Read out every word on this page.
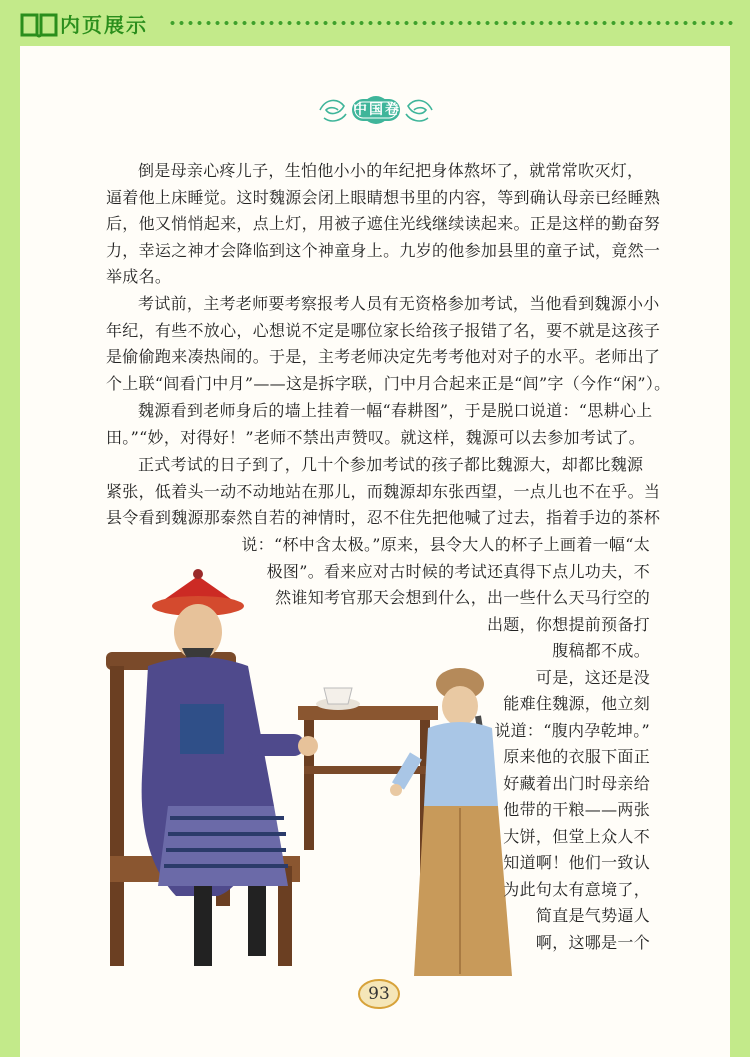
内页展示
中国卷

倒是母亲心疼儿子，生怕他小小的年纪把身体熬坏了，就常常吹灭灯，
逼着他上床睡觉。这时魏源会闭上眼睛想书里的内容，等到确认母亲已经睡熟
后，他又悄悄起来，点上灯，用被子遮住光线继续读起来。正是这样的勤奋努
力，幸运之神才会降临到这个神童身上。九岁的他参加县里的童子试，竟然一
举成名。

考试前，主考老师要考察报考人员有无资格参加考试，当他看到魏源小小
年纪，有些不放心，心想说不定是哪位家长给孩子报错了名，要不就是这孩子
是偷偷跑来凑热闹的。于是，主考老师决定先考考他对对子的水平。老师出了
个上联“闾看门中月”——这是拆字联，门中月合起来正是“闾”字（今作“闲”）。

魏源看到老师身后的墙上挂着一幅“春耕图”，于是脱口说道：“思耕心上
田。”“妙，对得好！”老师不禁出声赞叹。就这样，魏源可以去参加考试了。

正式考试的日子到了，几十个参加考试的孩子都比魏源大，却都比魏源
紧张，低着头一动不动地站在那儿，而魏源却东张西望，一点儿也不在乎。当
县令看到魏源那泰然自若的神情时，忍不住先把他喊了过去，指着手边的茶杯

说：“杯中含太极。”原来，县令大人的杯子上画着一幅“太
极图”。看来应对古时候的考试还真得下点儿功夫，不
然谁知考官那天会想到什么，出一些什么天马行空的
出题，你想提前预备打
腹稿都不成。
可是，这还是没
能难住魏源，他立刻
说道：“腹内孕乾坤。”
原来他的衣服下面正
好藏着出门时母亲给
他带的干粮——两张
大饼，但堂上众人不
知道啊！他们一致认
为此句太有意境了，
简直是气势逼人
啊，这哪是一个

93
